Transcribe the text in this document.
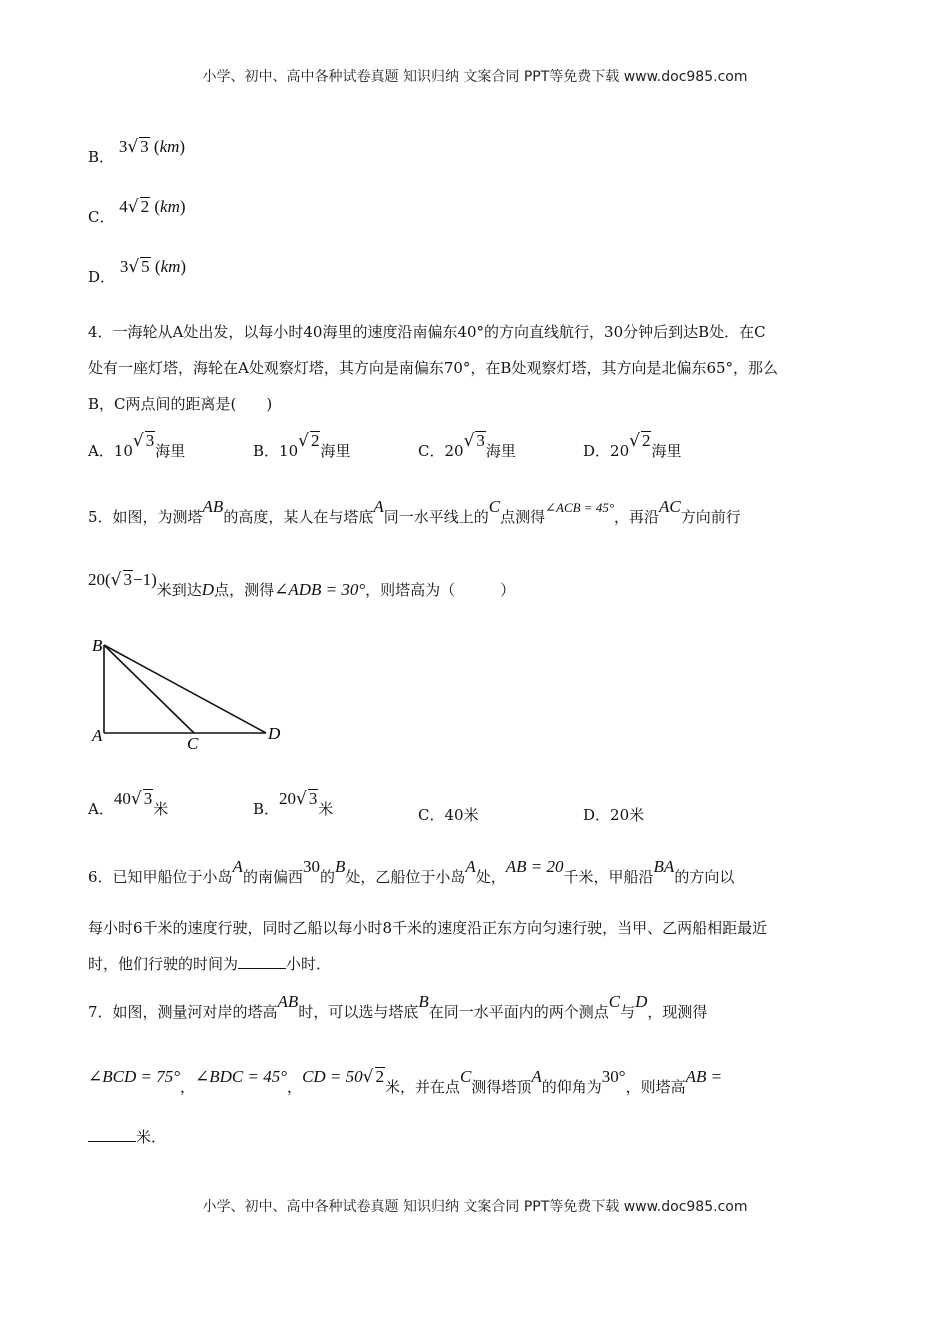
小学、初中、高中各种试卷真题 知识归纳 文案合同 PPT等免费下载 www.doc985.com
B． 3√ 3 (km)
C． 4√ 2 (km)
D． 3√ 5 (km)
4．一海轮从A处出发，以每小时40海里的速度沿南偏东40°的方向直线航行，30分钟后到达B处．在C
处有一座灯塔，海轮在A处观察灯塔，其方向是南偏东70°，在B处观察灯塔，其方向是北偏东65°，那么
B，C两点间的距离是(　　)
A．10√ 3海里	B．10√ 2海里	C．20√ 3海里	D．20√ 2海里
5．如图，为测塔AB的高度，某人在与塔底A同一水平线上的C点测得∠ACB = 45°，再沿AC方向前行
20(√ 3−1)米到达D点，测得∠ADB = 30°，则塔高为（　　　）
B
A	C
D
A．40√ 3米	B．20√ 3米	C．40米	D．20米
6．已知甲船位于小岛A的南偏西30的B处，乙船位于小岛A处，AB = 20千米，甲船沿BA的方向以
每小时6千米的速度行驶，同时乙船以每小时8千米的速度沿正东方向匀速行驶，当甲、乙两船相距最近
时，他们行驶的时间为	小时．
7．如图，测量河对岸的塔高AB时，可以选与塔底B在同一水平面内的两个测点C与D，现测得
∠BCD = 75°，∠BDC = 45°，CD = 50√ 2米，并在点C测得塔顶A的仰角为30°，则塔高AB =
米．
小学、初中、高中各种试卷真题 知识归纳 文案合同 PPT等免费下载 www.doc985.com
